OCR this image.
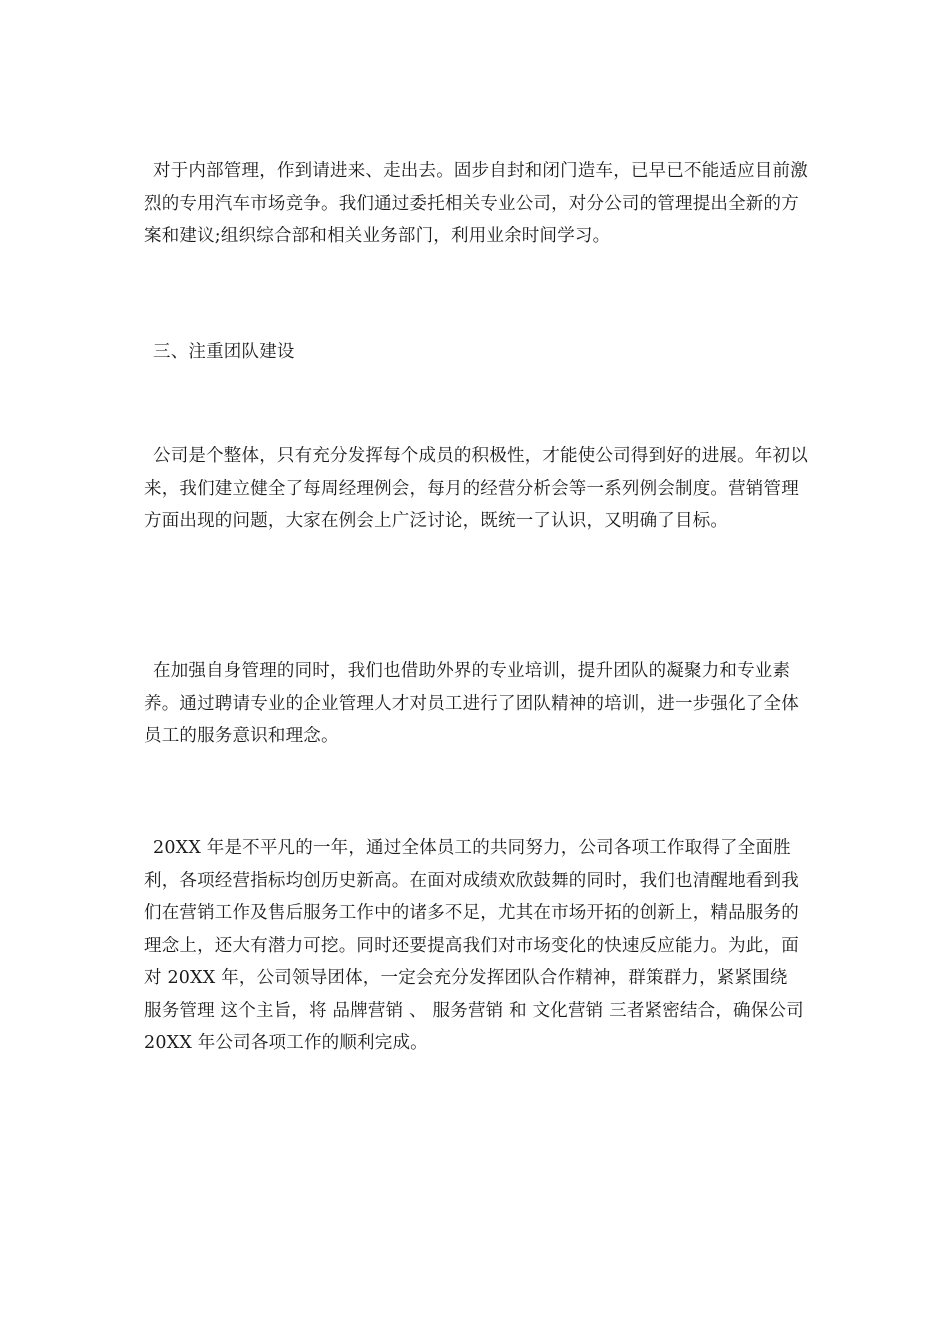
对于内部管理，作到请进来、走出去。固步自封和闭门造车，已早已不能适应目前激烈的专用汽车市场竞争。我们通过委托相关专业公司，对分公司的管理提出全新的方案和建议;组织综合部和相关业务部门，利用业余时间学习。

三、注重团队建设

公司是个整体，只有充分发挥每个成员的积极性，才能使公司得到好的进展。年初以来，我们建立健全了每周经理例会，每月的经营分析会等一系列例会制度。营销管理方面出现的问题，大家在例会上广泛讨论，既统一了认识，又明确了目标。

在加强自身管理的同时，我们也借助外界的专业培训，提升团队的凝聚力和专业素养。通过聘请专业的企业管理人才对员工进行了团队精神的培训，进一步强化了全体员工的服务意识和理念。

20XX 年是不平凡的一年，通过全体员工的共同努力，公司各项工作取得了全面胜利，各项经营指标均创历史新高。在面对成绩欢欣鼓舞的同时，我们也清醒地看到我们在营销工作及售后服务工作中的诸多不足，尤其在市场开拓的创新上，精品服务的理念上，还大有潜力可挖。同时还要提高我们对市场变化的快速反应能力。为此，面对 20XX 年，公司领导团体，一定会充分发挥团队合作精神，群策群力，紧紧围绕 服务管理 这个主旨，将 品牌营销 、 服务营销 和 文化营销 三者紧密结合，确保公司 20XX 年公司各项工作的顺利完成。
